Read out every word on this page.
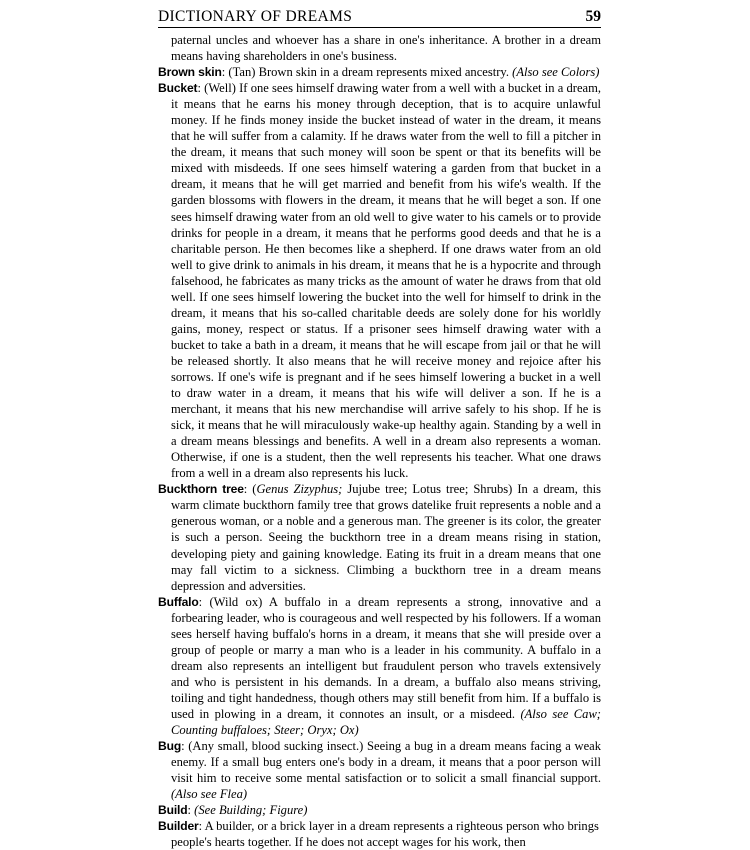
DICTIONARY OF DREAMS	59

paternal uncles and whoever has a share in one's inheritance. A brother in a dream means having shareholders in one's business.

Brown skin: (Tan) Brown skin in a dream represents mixed ancestry. (Also see Colors)

Bucket: (Well) If one sees himself drawing water from a well with a bucket in a dream, it means that he earns his money through deception, that is to acquire unlawful money. If he finds money inside the bucket instead of water in the dream, it means that he will suffer from a calamity. If he draws water from the well to fill a pitcher in the dream, it means that such money will soon be spent or that its benefits will be mixed with misdeeds. If one sees himself watering a garden from that bucket in a dream, it means that he will get married and benefit from his wife's wealth. If the garden blossoms with flowers in the dream, it means that he will beget a son. If one sees himself drawing water from an old well to give water to his camels or to provide drinks for people in a dream, it means that he performs good deeds and that he is a charitable person. He then becomes like a shepherd. If one draws water from an old well to give drink to animals in his dream, it means that he is a hypocrite and through falsehood, he fabricates as many tricks as the amount of water he draws from that old well. If one sees himself lowering the bucket into the well for himself to drink in the dream, it means that his so-called charitable deeds are solely done for his worldly gains, money, respect or status. If a prisoner sees himself drawing water with a bucket to take a bath in a dream, it means that he will escape from jail or that he will be released shortly. It also means that he will receive money and rejoice after his sorrows. If one's wife is pregnant and if he sees himself lowering a bucket in a well to draw water in a dream, it means that his wife will deliver a son. If he is a merchant, it means that his new merchandise will arrive safely to his shop. If he is sick, it means that he will miraculously wake-up healthy again. Standing by a well in a dream means blessings and benefits. A well in a dream also represents a woman. Otherwise, if one is a student, then the well represents his teacher. What one draws from a well in a dream also represents his luck.

Buckthorn tree: (Genus Zizyphus; Jujube tree; Lotus tree; Shrubs) In a dream, this warm climate buckthorn family tree that grows datelike fruit represents a noble and a generous woman, or a noble and a generous man. The greener is its color, the greater is such a person. Seeing the buckthorn tree in a dream means rising in station, developing piety and gaining knowledge. Eating its fruit in a dream means that one may fall victim to a sickness. Climbing a buckthorn tree in a dream means depression and adversities.

Buffalo: (Wild ox) A buffalo in a dream represents a strong, innovative and a forbearing leader, who is courageous and well respected by his followers. If a woman sees herself having buffalo's horns in a dream, it means that she will preside over a group of people or marry a man who is a leader in his community. A buffalo in a dream also represents an intelligent but fraudulent person who travels extensively and who is persistent in his demands. In a dream, a buffalo also means striving, toiling and tight handedness, though others may still benefit from him. If a buffalo is used in plowing in a dream, it connotes an insult, or a misdeed. (Also see Caw; Counting buffaloes; Steer; Oryx; Ox)

Bug: (Any small, blood sucking insect.) Seeing a bug in a dream means facing a weak enemy. If a small bug enters one's body in a dream, it means that a poor person will visit him to receive some mental satisfaction or to solicit a small financial support. (Also see Flea)

Build: (See Building; Figure)

Builder: A builder, or a brick layer in a dream represents a righteous person who brings people's hearts together. If he does not accept wages for his work, then
